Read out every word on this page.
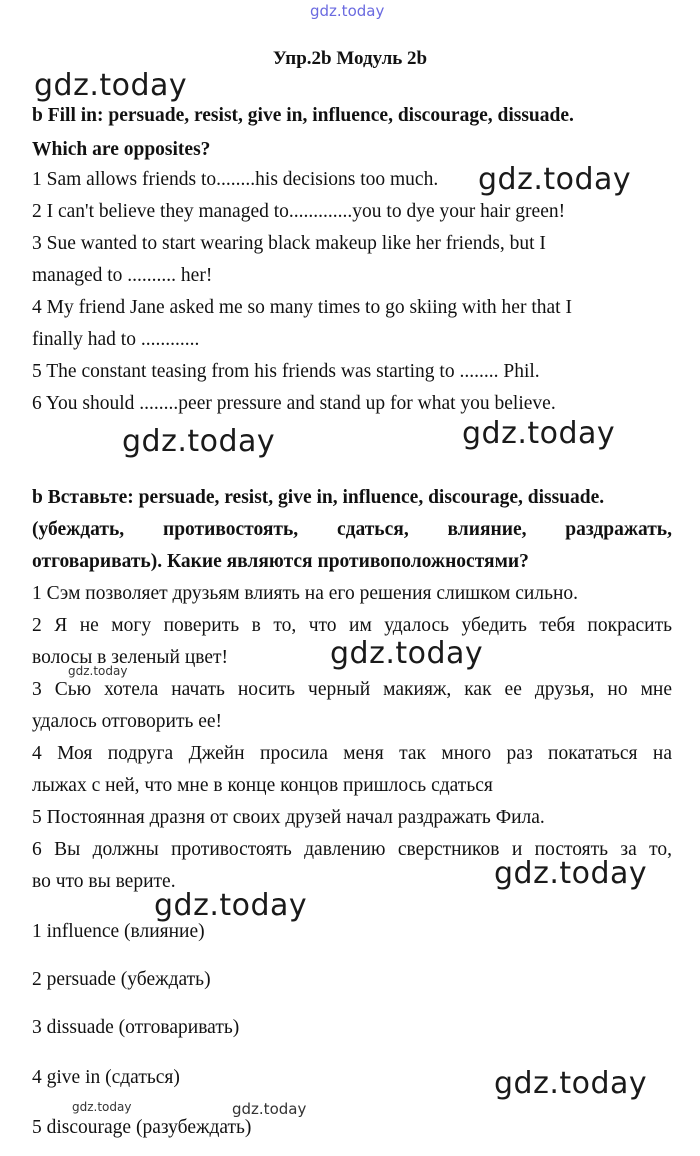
gdz.today
Упр.2b Модуль 2b
b Fill in: persuade, resist, give in, influence, discourage, dissuade.
Which are opposites?
1 Sam allows friends to........his decisions too much.
2 I can't believe they managed to.............you to dye your hair green!
3 Sue wanted to start wearing black makeup like her friends, but I
managed to .......... her!
4 My friend Jane asked me so many times to go skiing with her that I
finally had to ............
5 The constant teasing from his friends was starting to ........ Phil.
6 You should ........peer pressure and stand up for what you believe.
b Вставьте: persuade, resist, give in, influence, discourage, dissuade.
(убеждать, противостоять, сдаться, влияние, раздражать,
отговаривать). Какие являются противоположностями?
1 Сэм позволяет друзьям влиять на его решения слишком сильно.
2 Я не могу поверить в то, что им удалось убедить тебя покрасить
волосы в зеленый цвет!
3 Сью хотела начать носить черный макияж, как ее друзья, но мне
удалось отговорить ее!
4 Моя подруга Джейн просила меня так много раз покататься на
лыжах с ней, что мне в конце концов пришлось сдаться
5 Постоянная дразня от своих друзей начал раздражать Фила.
6 Вы должны противостоять давлению сверстников и постоять за то,
во что вы верите.
1 influence (влияние)
2 persuade (убеждать)
3 dissuade (отговаривать)
4 give in (сдаться)
5 discourage (разубеждать)
gdz.today
gdz.today
gdz.today	gdz.today
gdz.today
gdz.today
gdz.today
gdz.today
gdz.today
gdz.today	gdz.today
